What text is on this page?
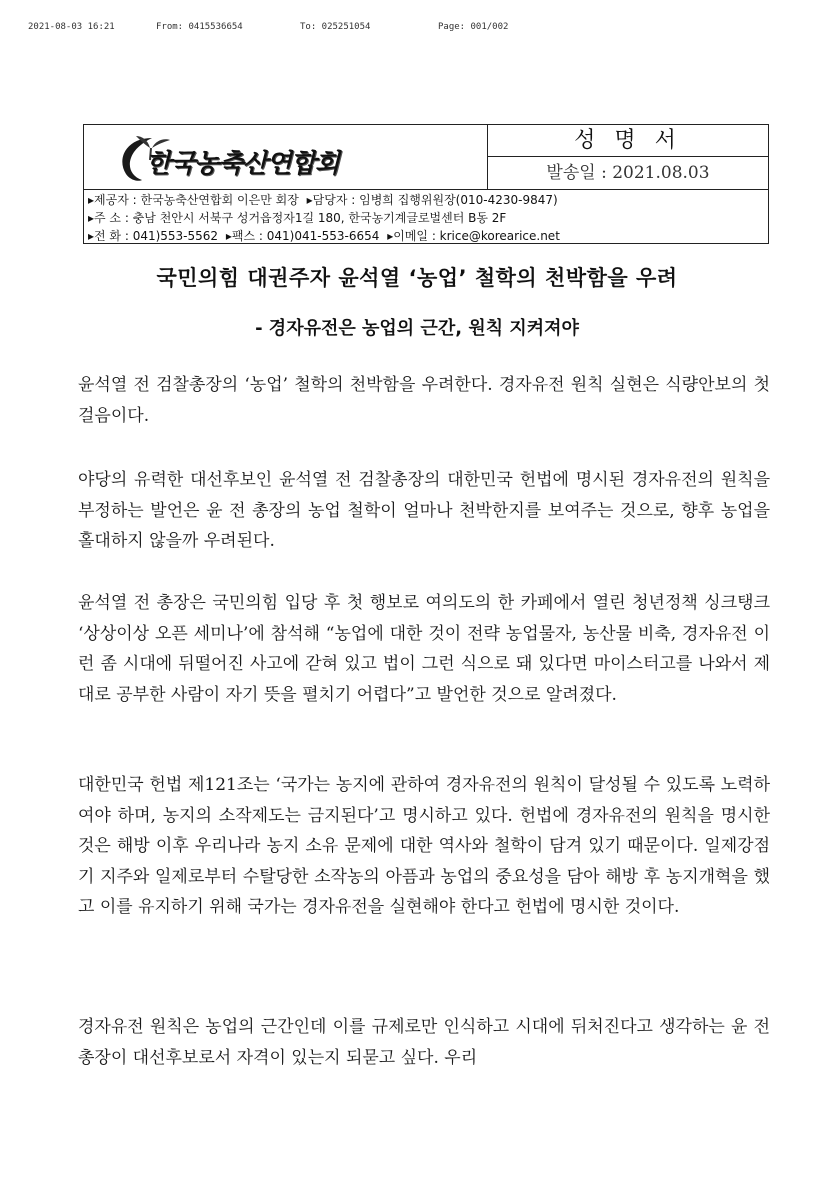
2021-08-03 16:21	From: 0415536654	To: 025251054	Page: 001/002
한국농축산연합회
성 명 서
발송일 : 2021.08.03
▸제공자 : 한국농축산연합회 이은만 회장 ▸담당자 : 임병희 집행위원장(010-4230-9847)
▸주 소 : 충남 천안시 서북구 성거읍정자1길 180, 한국농기계글로벌센터 B동 2F
▸전 화 : 041)553-5562 ▸팩스 : 041)041-553-6654 ▸이메일 : krice@korearice.net
국민의힘 대권주자 윤석열 ‘농업’ 철학의 천박함을 우려
- 경자유전은 농업의 근간, 원칙 지켜져야

윤석열 전 검찰총장의 ‘농업’ 철학의 천박함을 우려한다. 경자유전 원칙 실현은 식량안보의 첫걸음이다.

야당의 유력한 대선후보인 윤석열 전 검찰총장의 대한민국 헌법에 명시된 경자유전의 원칙을 부정하는 발언은 윤 전 총장의 농업 철학이 얼마나 천박한지를 보여주는 것으로, 향후 농업을 홀대하지 않을까 우려된다.

윤석열 전 총장은 국민의힘 입당 후 첫 행보로 여의도의 한 카페에서 열린 청년정책 싱크탱크 ‘상상이상 오픈 세미나’에 참석해 “농업에 대한 것이 전략 농업물자, 농산물 비축, 경자유전 이런 좀 시대에 뒤떨어진 사고에 갇혀 있고 법이 그런 식으로 돼 있다면 마이스터고를 나와서 제대로 공부한 사람이 자기 뜻을 펼치기 어렵다”고 발언한 것으로 알려졌다.

대한민국 헌법 제121조는 ‘국가는 농지에 관하여 경자유전의 원칙이 달성될 수 있도록 노력하여야 하며, 농지의 소작제도는 금지된다’고 명시하고 있다. 헌법에 경자유전의 원칙을 명시한 것은 해방 이후 우리나라 농지 소유 문제에 대한 역사와 철학이 담겨 있기 때문이다. 일제강점기 지주와 일제로부터 수탈당한 소작농의 아픔과 농업의 중요성을 담아 해방 후 농지개혁을 했고 이를 유지하기 위해 국가는 경자유전을 실현해야 한다고 헌법에 명시한 것이다.

경자유전 원칙은 농업의 근간인데 이를 규제로만 인식하고 시대에 뒤처진다고 생각하는 윤 전 총장이 대선후보로서 자격이 있는지 되묻고 싶다. 우리
